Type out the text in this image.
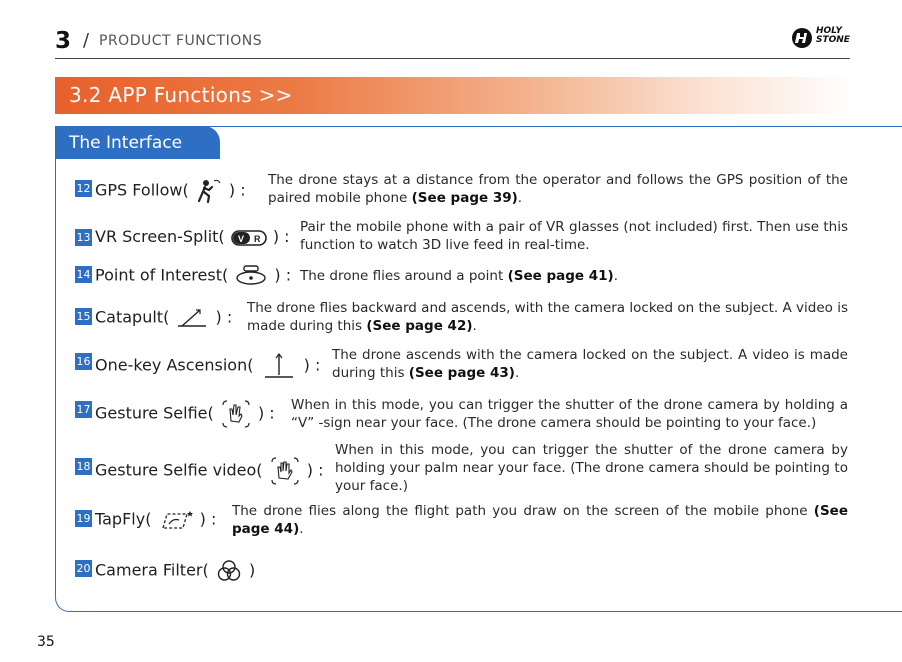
3 / PRODUCT FUNCTIONS
HOLY
STONE
3.2 APP Functions >>
The Interface
12 GPS Follow(	) :
The drone stays at a distance from the operator and follows the GPS position of the paired mobile phone (See page 39).
13 VR Screen-Split( V R ) : Pair the mobile phone with a pair of VR glasses (not included) first. Then use this function to watch 3D live feed in real-time.
14 Point of Interest(	) : The drone flies around a point (See page 41).
15 Catapult(	) : The drone flies backward and ascends, with the camera locked on the subject. A video is made during this (See page 42).
16 One-key Ascension(	) :
The drone ascends with the camera locked on the subject. A video is made during this (See page 43).
17 Gesture Selfie(	) : When in this mode, you can trigger the shutter of the drone camera by holding a “V” -sign near your face. (The drone camera should be pointing to your face.)
18 Gesture Selfie video(	) :
When in this mode, you can trigger the shutter of the drone camera by holding your palm near your face. (The drone camera should be pointing to your face.)
19 TapFly(	) : The drone flies along the flight path you draw on the screen of the mobile phone (See page 44).
20 Camera Filter(	)
35
